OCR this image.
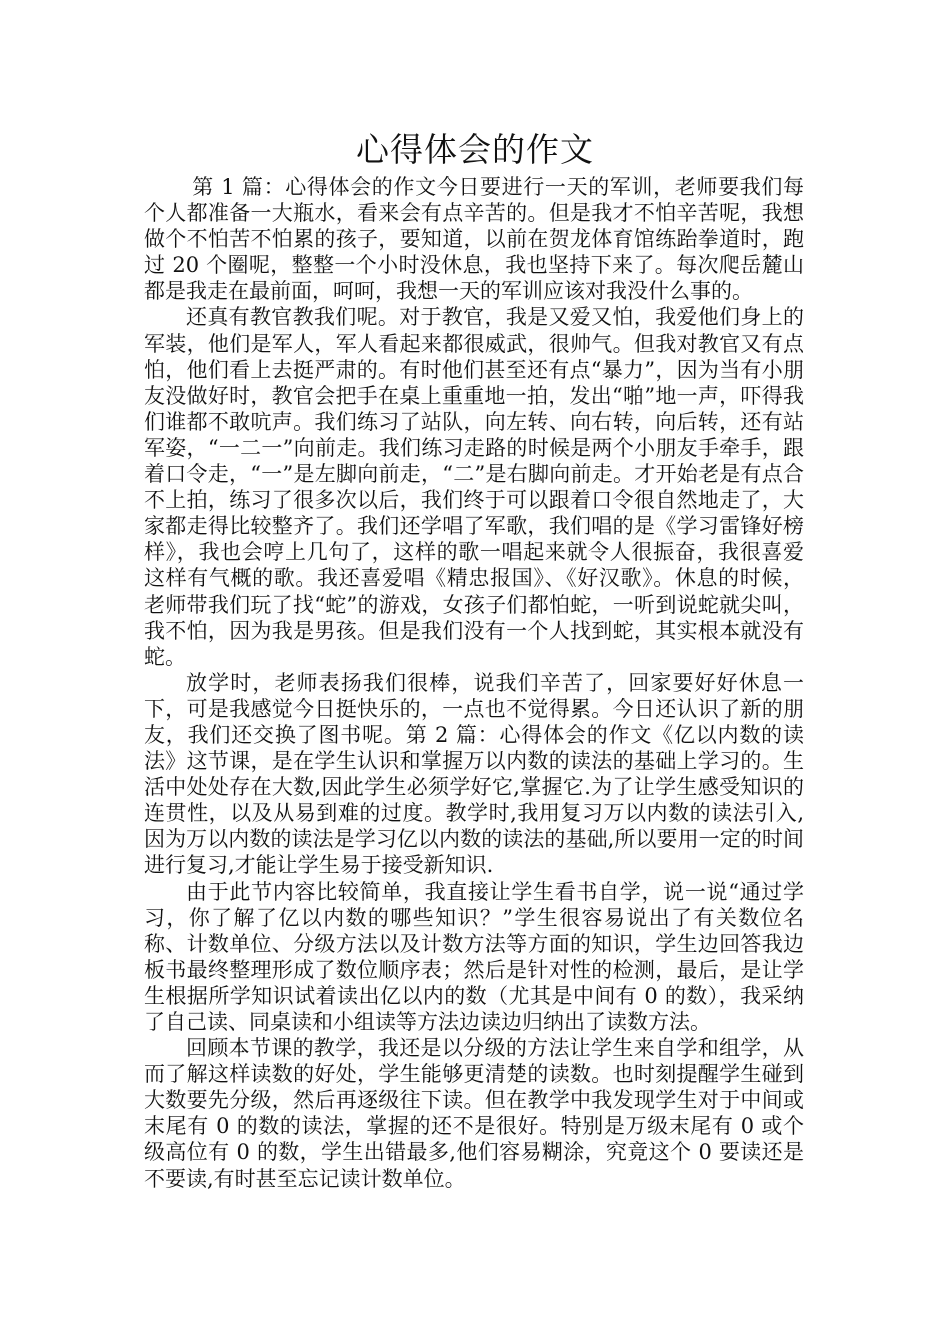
心得体会的作文

第 1 篇：心得体会的作文今日要进行一天的军训，老师要我们每个人都准备一大瓶水，看来会有点辛苦的。但是我才不怕辛苦呢，我想做个不怕苦不怕累的孩子，要知道，以前在贺龙体育馆练跆拳道时，跑过 20 个圈呢，整整一个小时没休息，我也坚持下来了。每次爬岳麓山都是我走在最前面，呵呵，我想一天的军训应该对我没什么事的。

还真有教官教我们呢。对于教官，我是又爱又怕，我爱他们身上的军装，他们是军人，军人看起来都很威武，很帅气。但我对教官又有点怕，他们看上去挺严肃的。有时他们甚至还有点“暴力”，因为当有小朋友没做好时，教官会把手在桌上重重地一拍，发出“啪”地一声，吓得我们谁都不敢吭声。我们练习了站队，向左转、向右转，向后转，还有站军姿，“一二一”向前走。我们练习走路的时候是两个小朋友手牵手，跟着口令走，“一”是左脚向前走，“二”是右脚向前走。才开始老是有点合不上拍，练习了很多次以后，我们终于可以跟着口令很自然地走了，大家都走得比较整齐了。我们还学唱了军歌，我们唱的是《学习雷锋好榜样》，我也会哼上几句了，这样的歌一唱起来就令人很振奋，我很喜爱这样有气概的歌。我还喜爱唱《精忠报国》、《好汉歌》。休息的时候，老师带我们玩了找“蛇”的游戏，女孩子们都怕蛇，一听到说蛇就尖叫，我不怕，因为我是男孩。但是我们没有一个人找到蛇，其实根本就没有蛇。

放学时，老师表扬我们很棒，说我们辛苦了，回家要好好休息一下，可是我感觉今日挺快乐的，一点也不觉得累。今日还认识了新的朋友，我们还交换了图书呢。第 2 篇：心得体会的作文《亿以内数的读法》这节课，是在学生认识和掌握万以内数的读法的基础上学习的。生活中处处存在大数,因此学生必须学好它,掌握它.为了让学生感受知识的连贯性，以及从易到难的过度。教学时,我用复习万以内数的读法引入,因为万以内数的读法是学习亿以内数的读法的基础,所以要用一定的时间进行复习,才能让学生易于接受新知识.

由于此节内容比较简单，我直接让学生看书自学，说一说“通过学习，你了解了亿以内数的哪些知识？”学生很容易说出了有关数位名称、计数单位、分级方法以及计数方法等方面的知识，学生边回答我边板书最终整理形成了数位顺序表；然后是针对性的检测，最后，是让学生根据所学知识试着读出亿以内的数（尤其是中间有 0 的数），我采纳了自己读、同桌读和小组读等方法边读边归纳出了读数方法。

回顾本节课的教学，我还是以分级的方法让学生来自学和组学，从而了解这样读数的好处，学生能够更清楚的读数。也时刻提醒学生碰到大数要先分级，然后再逐级往下读。但在教学中我发现学生对于中间或末尾有 0 的数的读法，掌握的还不是很好。特别是万级末尾有 0 或个级高位有 0 的数，学生出错最多,他们容易糊涂，究竟这个 0 要读还是不要读,有时甚至忘记读计数单位。
